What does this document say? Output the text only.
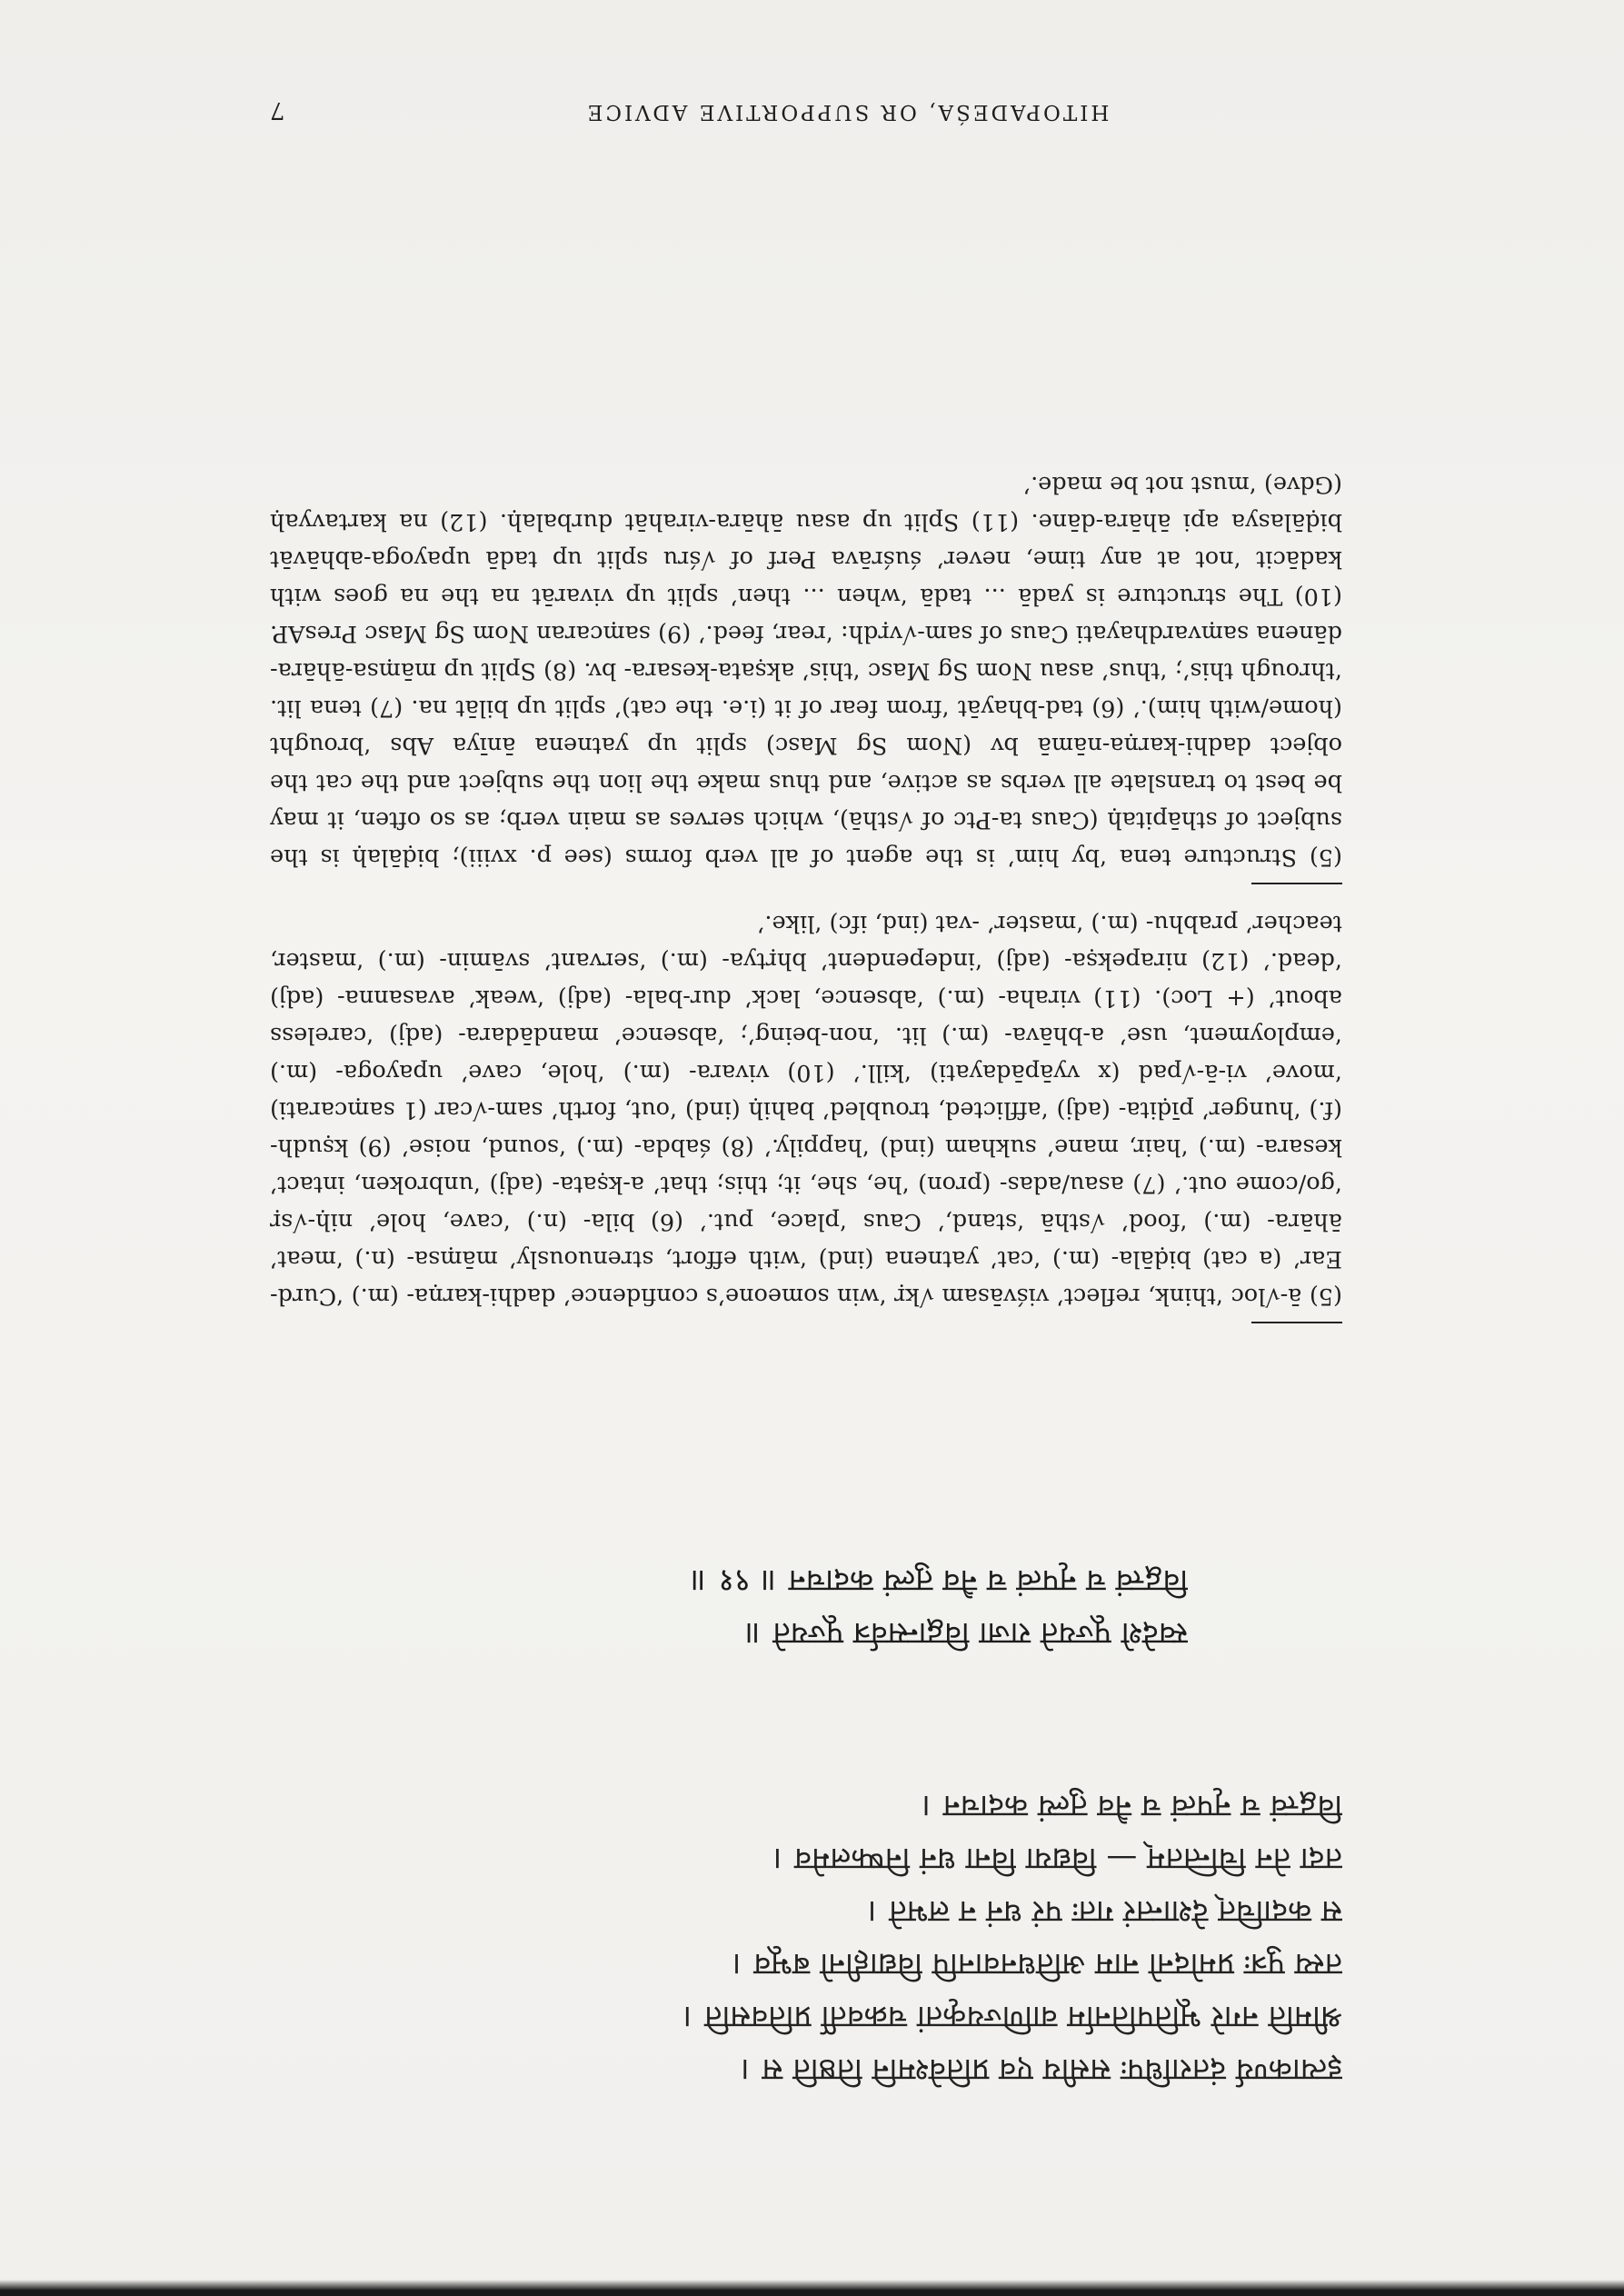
HITOPADEŚA, OR SUPPORTIVE ADVICE
7
इत्याकर्ण्य दंतराधिपः ससीय एव प्रतिवेश्मनि तिष्ठति स ।
श्रीमति नगरे भूतिपतिर्नाम वाणिज्यकृतां चक्रवर्ती प्रतिवसति ।
तस्य पुत्रः प्रमोदनो नाम अतिधनवानपि विद्याहीनो बभूव ।
स कदाचित् देशान्तरं गतः परं धनं न लभते ।
तदा तेन चिन्तितम् — विद्यया विना धनं निष्फलमेव ।
विद्वत्त्वं च नृपत्वं च नैव तुल्यं कदाचन ।
स्वदेशे पूज्यते राजा विद्वान्सर्वत्र पूज्यते ॥
विद्वत्त्वं च नृपत्वं च नैव तुल्यं कदाचन ॥ ९१ ॥

(5) ā-√loc ‘think, reflect’ viśvāsam √kṛ ‘win someone’s confidence’ dadhi-karṇa- (m.) ‘Curd-Ear’ (a cat) biḍāla- (m.) ‘cat’ yatnena (ind) ‘with effort, strenuously’ māṃsa- (n.) ‘meat’ āhāra- (m.) ‘food’ √sthā ‘stand,’ Caus ‘place, put.’ (6) bila- (n.) ‘cave, hole’ niḥ-√sṛ ‘go/come out.’ (7) asau/adas- (pron) ‘he, she, it; this; that’ a-kṣata- (adj) ‘unbroken, intact’ kesara- (m.) ‘hair, mane’ sukham (ind) ‘happily.’ (8) śabda- (m.) ‘sound, noise’ (9) kṣudh- (f.) ‘hunger’ pīḍita- (adj) ‘afflicted, troubled’ bahiḥ (ind) ‘out, forth’ sam-√car (1 saṃcarati) ‘move’ vi-ā-√pad (x vyāpādayati) ‘kill.’ (10) vivara- (m.) ‘hole, cave’ upayoga- (m.) ‘employment, use’ a-bhāva- (m.) lit. ‘non-being’; ‘absence’ mandādara- (adj) ‘careless about’ (+ Loc). (11) viraha- (m.) ‘absence, lack’ dur-bala- (adj) ‘weak’ avasanna- (adj) ‘dead.’ (12) nirapekṣa- (adj) ‘independent’ bhṛtya- (m.) ‘servant’ svāmin- (m.) ‘master, teacher’ prabhu- (m.) ‘master’ -vat (ind, ifc) ‘like.’

(5) Structure tena ‘by him’ is the agent of all verb forms (see p. xviii); biḍālaḥ is the subject of sthāpitaḥ (Caus ta-Ptc of √sthā), which serves as main verb; as so often, it may be best to translate all verbs as active, and thus make the lion the subject and the cat the object dadhi-karṇa-nāmā bv (Nom Sg Masc) split up yatnena ānīya Abs ‘brought (home/with him).’ (6) tad-bhayāt ‘from fear of it (i.e. the cat)’ split up bilāt na. (7) tena lit. ‘through this’; ‘thus’ asau Nom Sg Masc ‘this’ akṣata-kesara- bv. (8) Split up māṃsa-āhāra-dānena saṃvardhayati Caus of sam-√vṛdh: ‘rear, feed.’ (9) saṃcaran Nom Sg Masc PresAP. (10) The structure is yadā ... tadā ‘when ... then’ split up vivarāt na the na goes with kadācit ‘not at any time, never’ śuśrāva Perf of √śru split up tadā upayoga-abhāvāt biḍālasya api āhāra-dāne. (11) Split up asau āhāra-virahāt durbalaḥ. (12) na kartavyaḥ (Gdve) ‘must not be made.’
